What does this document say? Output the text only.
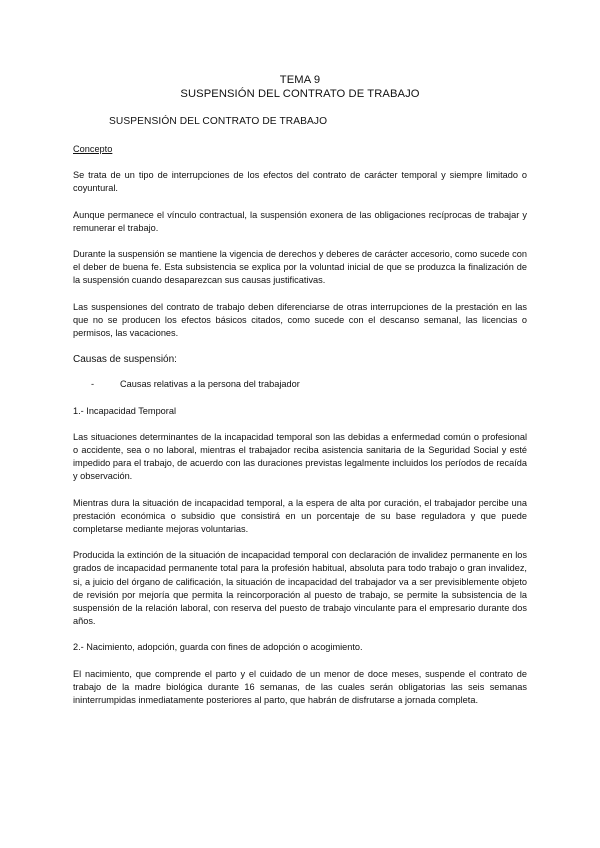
TEMA 9
SUSPENSIÓN DEL CONTRATO DE TRABAJO
SUSPENSIÓN DEL CONTRATO DE TRABAJO

Concepto

Se trata de un tipo de interrupciones de los efectos del contrato de carácter temporal y siempre limitado o coyuntural.

Aunque permanece el vínculo contractual, la suspensión exonera de las obligaciones recíprocas de trabajar y remunerar el trabajo.

Durante la suspensión se mantiene la vigencia de derechos y deberes de carácter accesorio, como sucede con el deber de buena fe. Esta subsistencia se explica por la voluntad inicial de que se produzca la finalización de la suspensión cuando desaparezcan sus causas justificativas.

Las suspensiones del contrato de trabajo deben diferenciarse de otras interrupciones de la prestación en las que no se producen los efectos básicos citados, como sucede con el descanso semanal, las licencias o permisos, las vacaciones.

Causas de suspensión:

-	Causas relativas a la persona del trabajador

1.- Incapacidad Temporal

Las situaciones determinantes de la incapacidad temporal son las debidas a enfermedad común o profesional o accidente, sea o no laboral, mientras el trabajador reciba asistencia sanitaria de la Seguridad Social y esté impedido para el trabajo, de acuerdo con las duraciones previstas legalmente incluidos los períodos de recaída y observación.

Mientras dura la situación de incapacidad temporal, a la espera de alta por curación, el trabajador percibe una prestación económica o subsidio que consistirá en un porcentaje de su base reguladora y que puede completarse mediante mejoras voluntarias.

Producida la extinción de la situación de incapacidad temporal con declaración de invalidez permanente en los grados de incapacidad permanente total para la profesión habitual, absoluta para todo trabajo o gran invalidez, si, a juicio del órgano de calificación, la situación de incapacidad del trabajador va a ser previsiblemente objeto de revisión por mejoría que permita la reincorporación al puesto de trabajo, se permite la subsistencia de la suspensión de la relación laboral, con reserva del puesto de trabajo vinculante para el empresario durante dos años.

2.- Nacimiento, adopción, guarda con fines de adopción o acogimiento.

El nacimiento, que comprende el parto y el cuidado de un menor de doce meses, suspende el contrato de trabajo de la madre biológica durante 16 semanas, de las cuales serán obligatorias las seis semanas ininterrumpidas inmediatamente posteriores al parto, que habrán de disfrutarse a jornada completa.
